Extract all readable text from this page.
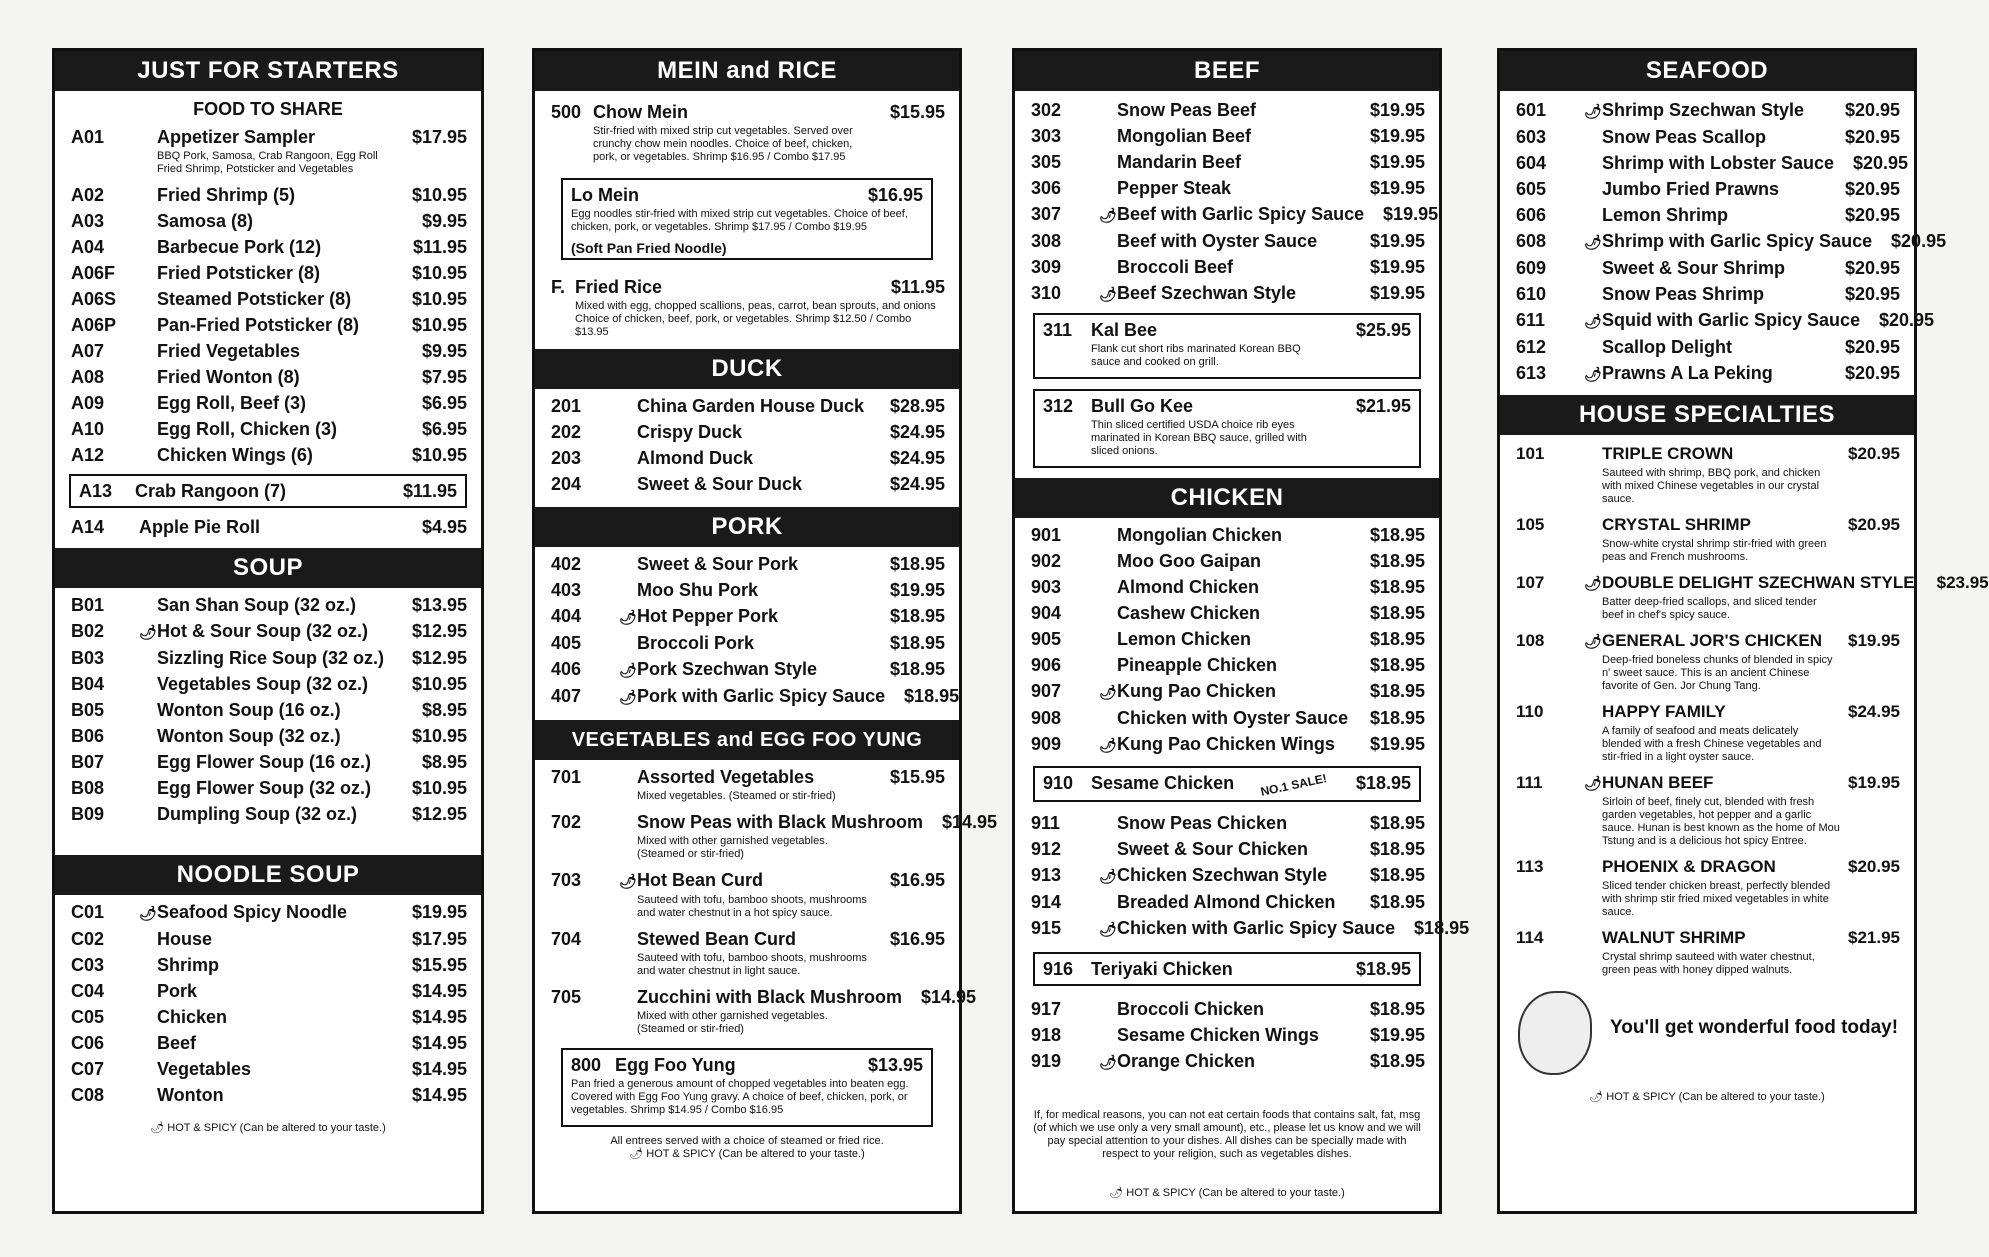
JUST FOR STARTERS
FOOD TO SHARE
A01	Appetizer Sampler	$17.95
BBQ Pork, Samosa, Crab Rangoon, Egg Roll Fried Shrimp, Potsticker and Vegetables
A02	Fried Shrimp (5)	$10.95
A03	Samosa (8)	$9.95
A04	Barbecue Pork (12)	$11.95
A06F	Fried Potsticker (8)	$10.95
A06S	Steamed Potsticker (8)	$10.95
A06P	Pan-Fried Potsticker (8)	$10.95
A07	Fried Vegetables	$9.95
A08	Fried Wonton (8)	$7.95
A09	Egg Roll, Beef (3)	$6.95
A10	Egg Roll, Chicken (3)	$6.95
A12	Chicken Wings (6)	$10.95
A13	Crab Rangoon (7)	$11.95
A14	Apple Pie Roll	$4.95
SOUP
B01	San Shan Soup (32 oz.)	$13.95
B02	🌶 Hot & Sour Soup (32 oz.)	$12.95
B03	Sizzling Rice Soup (32 oz.)	$12.95
B04	Vegetables Soup (32 oz.)	$10.95
B05	Wonton Soup (16 oz.)	$8.95
B06	Wonton Soup (32 oz.)	$10.95
B07	Egg Flower Soup (16 oz.)	$8.95
B08	Egg Flower Soup (32 oz.)	$10.95
B09	Dumpling Soup (32 oz.)	$12.95
NOODLE SOUP
C01	🌶 Seafood Spicy Noodle	$19.95
C02	House	$17.95
C03	Shrimp	$15.95
C04	Pork	$14.95
C05	Chicken	$14.95
C06	Beef	$14.95
C07	Vegetables	$14.95
C08	Wonton	$14.95
🌶 HOT & SPICY (Can be altered to your taste.)
MEIN and RICE
500 Chow Mein	$15.95
Stir-fried with mixed strip cut vegetables. Served over crunchy chow mein noodles. Choice of beef, chicken, pork, or vegetables. Shrimp $16.95 / Combo $17.95
Lo Mein	$16.95
Egg noodles stir-fried with mixed strip cut vegetables. Choice of beef, chicken, pork, or vegetables. Shrimp $17.95 / Combo $19.95
(Soft Pan Fried Noodle)
F. Fried Rice	$11.95
Mixed with egg, chopped scallions, peas, carrot, bean sprouts, and onions Choice of chicken, beef, pork, or vegetables. Shrimp $12.50 / Combo $13.95
DUCK
201	China Garden House Duck	$28.95
202	Crispy Duck	$24.95
203	Almond Duck	$24.95
204	Sweet & Sour Duck	$24.95
PORK
402	Sweet & Sour Pork	$18.95
403	Moo Shu Pork	$19.95
404	🌶 Hot Pepper Pork	$18.95
405	Broccoli Pork	$18.95
406	🌶 Pork Szechwan Style	$18.95
407	🌶 Pork with Garlic Spicy Sauce	$18.95
VEGETABLES and EGG FOO YUNG
701	Assorted Vegetables	$15.95
Mixed vegetables. (Steamed or stir-fried)
702	Snow Peas with Black Mushroom	$14.95
Mixed with other garnished vegetables. (Steamed or stir-fried)
703	🌶 Hot Bean Curd	$16.95
Sauteed with tofu, bamboo shoots, mushrooms and water chestnut in a hot spicy sauce.
704	Stewed Bean Curd	$16.95
Sauteed with tofu, bamboo shoots, mushrooms and water chestnut in light sauce.
705	Zucchini with Black Mushroom	$14.95
Mixed with other garnished vegetables. (Steamed or stir-fried)
800 Egg Foo Yung	$13.95
Pan fried a generous amount of chopped vegetables into beaten egg. Covered with Egg Foo Yung gravy. A choice of beef, chicken, pork, or vegetables. Shrimp $14.95 / Combo $16.95
All entrees served with a choice of steamed or fried rice.
🌶 HOT & SPICY (Can be altered to your taste.)
BEEF
302	Snow Peas Beef	$19.95
303	Mongolian Beef	$19.95
305	Mandarin Beef	$19.95
306	Pepper Steak	$19.95
307	🌶 Beef with Garlic Spicy Sauce	$19.95
308	Beef with Oyster Sauce	$19.95
309	Broccoli Beef	$19.95
310	🌶 Beef Szechwan Style	$19.95
311	Kal Bee	$25.95
Flank cut short ribs marinated Korean BBQ sauce and cooked on grill.
312 Bull Go Kee	$21.95
Thin sliced certified USDA choice rib eyes marinated in Korean BBQ sauce, grilled with sliced onions.
CHICKEN
901	Mongolian Chicken	$18.95
902	Moo Goo Gaipan	$18.95
903	Almond Chicken	$18.95
904	Cashew Chicken	$18.95
905	Lemon Chicken	$18.95
906	Pineapple Chicken	$18.95
907	🌶 Kung Pao Chicken	$18.95
908	Chicken with Oyster Sauce	$18.95
909	🌶 Kung Pao Chicken Wings	$19.95
910 Sesame Chicken	NO.1 SALE!	$18.95
911	Snow Peas Chicken	$18.95
912	Sweet & Sour Chicken	$18.95
913	🌶 Chicken Szechwan Style	$18.95
914	Breaded Almond Chicken	$18.95
915	🌶 Chicken with Garlic Spicy Sauce	$18.95
916 Teriyaki Chicken	$18.95
917	Broccoli Chicken	$18.95
918	Sesame Chicken Wings	$19.95
919	🌶 Orange Chicken	$18.95
If, for medical reasons, you can not eat certain foods that contains salt, fat, msg (of which we use only a very small amount), etc., please let us know and we will pay special attention to your dishes. All dishes can be specially made with respect to your religion, such as vegetables dishes.
🌶 HOT & SPICY (Can be altered to your taste.)
SEAFOOD
601	🌶 Shrimp Szechwan Style	$20.95
603	Snow Peas Scallop	$20.95
604	Shrimp with Lobster Sauce	$20.95
605	Jumbo Fried Prawns	$20.95
606	Lemon Shrimp	$20.95
608	🌶 Shrimp with Garlic Spicy Sauce	$20.95
609	Sweet & Sour Shrimp	$20.95
610	Snow Peas Shrimp	$20.95
611	🌶 Squid with Garlic Spicy Sauce	$20.95
612	Scallop Delight	$20.95
613	🌶 Prawns A La Peking	$20.95
HOUSE SPECIALTIES
101	TRIPLE CROWN	$20.95
Sauteed with shrimp, BBQ pork, and chicken with mixed Chinese vegetables in our crystal sauce.
105	CRYSTAL SHRIMP	$20.95
Snow-white crystal shrimp stir-fried with green peas and French mushrooms.
107	🌶 DOUBLE DELIGHT SZECHWAN STYLE	$23.95
Batter deep-fried scallops, and sliced tender beef in chef's spicy sauce.
108	🌶 GENERAL JOR'S CHICKEN	$19.95
Deep-fried boneless chunks of blended in spicy n' sweet sauce. This is an ancient Chinese favorite of Gen. Jor Chung Tang.
110	HAPPY FAMILY	$24.95
A family of seafood and meats delicately blended with a fresh Chinese vegetables and stir-fried in a light oyster sauce.
111	🌶 HUNAN BEEF	$19.95
Sirloin of beef, finely cut, blended with fresh garden vegetables, hot pepper and a garlic sauce. Hunan is best known as the home of Mou Tstung and is a delicious hot spicy Entree.
113	PHOENIX & DRAGON	$20.95
Sliced tender chicken breast, perfectly blended with shrimp stir fried mixed vegetables in white sauce.
114	WALNUT SHRIMP	$21.95
Crystal shrimp sauteed with water chestnut, green peas with honey dipped walnuts.
You'll get wonderful food today!
🌶 HOT & SPICY (Can be altered to your taste.)
